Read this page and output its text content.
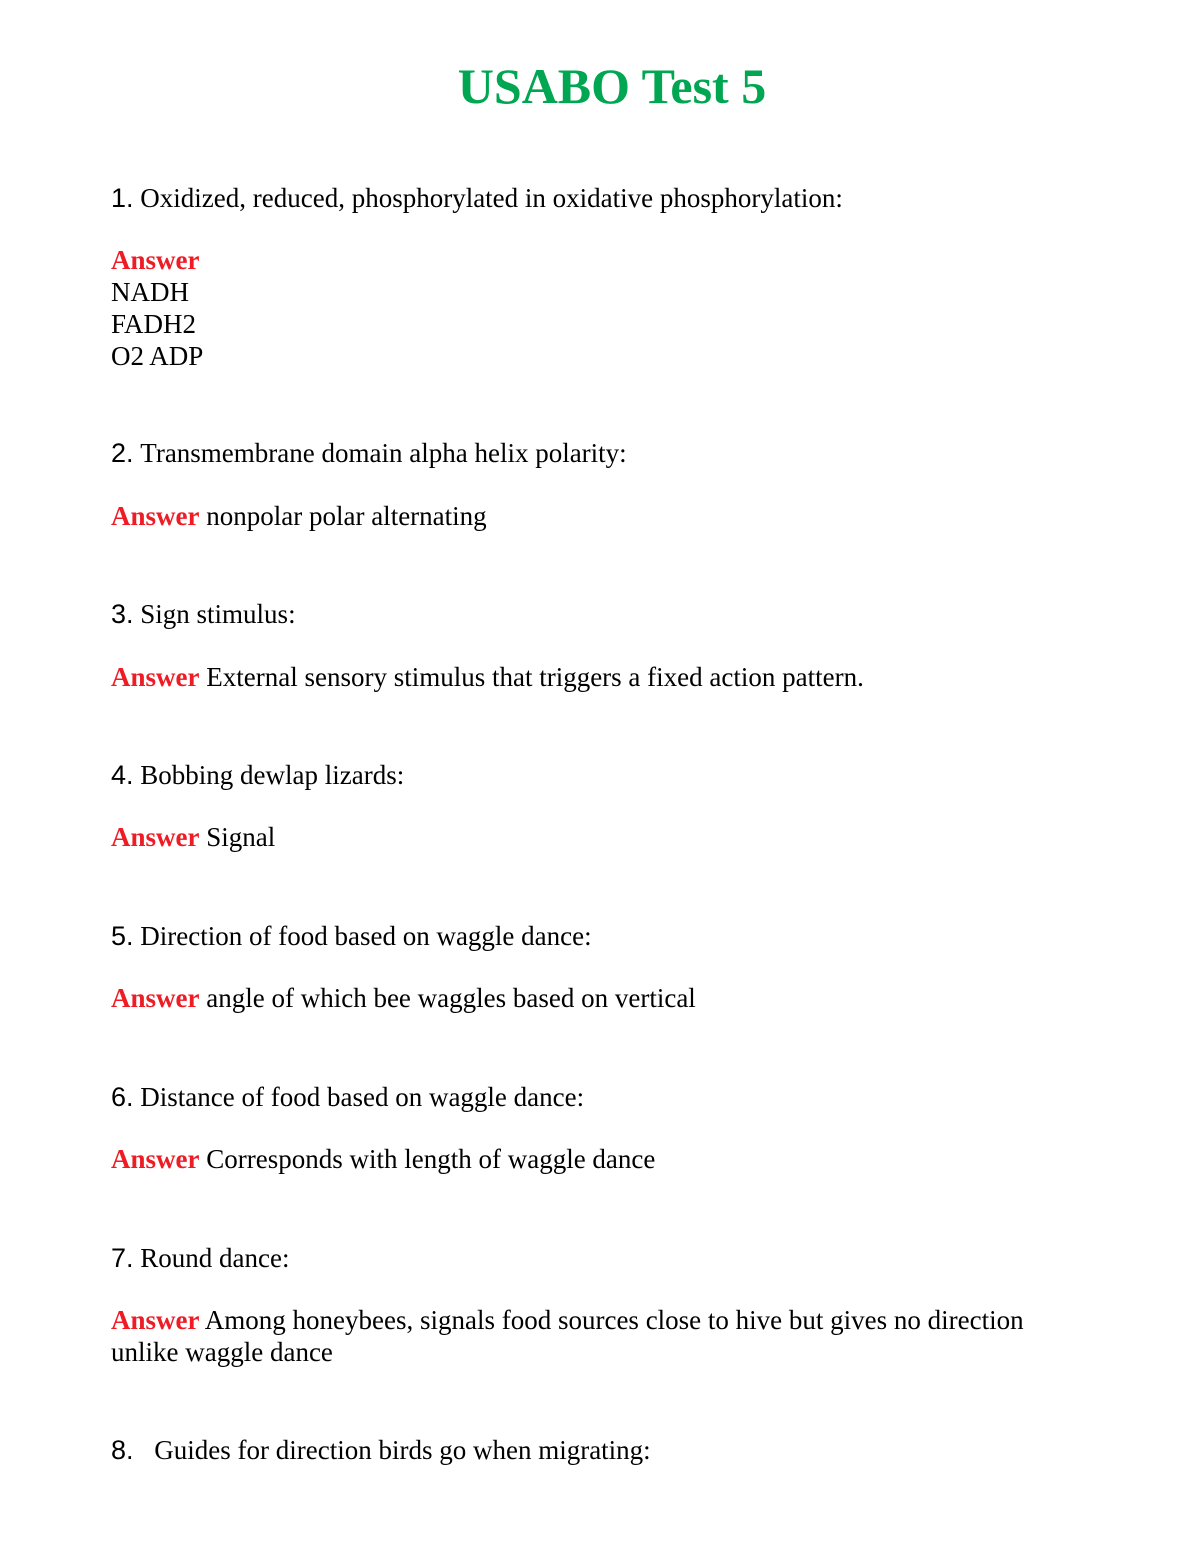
USABO Test 5
1. Oxidized, reduced, phosphorylated in oxidative phosphorylation:
Answer
NADH
FADH2
O2 ADP
2. Transmembrane domain alpha helix polarity:
Answer nonpolar polar alternating
3. Sign stimulus:
Answer External sensory stimulus that triggers a fixed action pattern.
4. Bobbing dewlap lizards:
Answer Signal
5. Direction of food based on waggle dance:
Answer angle of which bee waggles based on vertical
6. Distance of food based on waggle dance:
Answer Corresponds with length of waggle dance
7. Round dance:
Answer Among honeybees, signals food sources close to hive but gives no direction unlike waggle dance
8. Guides for direction birds go when migrating:
